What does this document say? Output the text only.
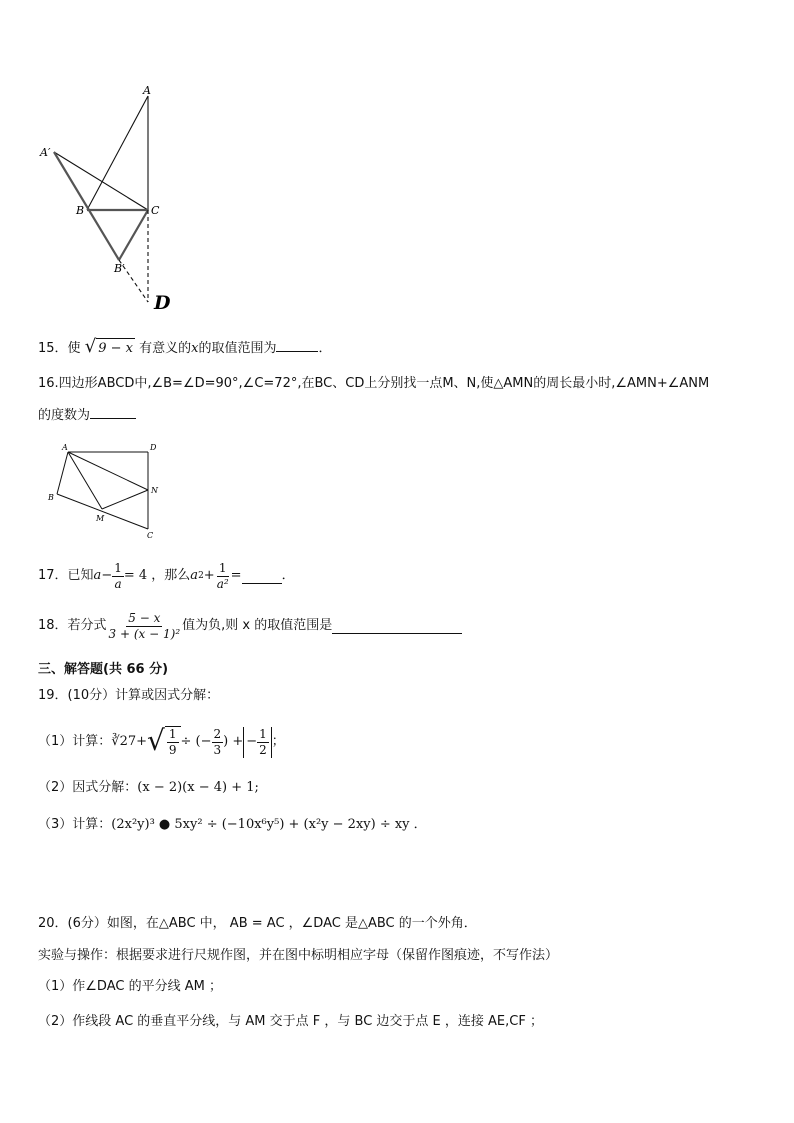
A
A′
B	C
B′
D
15．使 √ 9 − x 有意义的x的取值范围为	．
16.四边形ABCD中,∠B=∠D=90°,∠C=72°,在BC、CD上分别找一点M、N,使△AMN的周长最小时,∠AMN+∠ANM
的度数为
A	D
B
N
M
C
17．已知 $a - \frac{1}{a} = 4$ ，那么 a $2 + \frac{1}{\text{a²}}$ =	．
18．若分式 $\frac{5 - x}{\text{3 + (x − 1)²}}$ 值为负,则 x 的取值范围是
三、解答题(共 66 分)
19．(10分）计算或因式分解：
（1）计算： ∛27 + √ $\frac{1}{9}$ ÷ (− $\frac{2}{3}$ ) + − $\frac{1}{2}$ ；
（2）因式分解：(x − 2)(x − 4) + 1;
（3）计算：(2x²y)³ ● 5xy² ÷ (−10x⁶y⁵) + (x²y − 2xy) ÷ xy ．
20．(6分）如图，在△ABC 中， AB = AC ，∠DAC 是△ABC 的一个外角．
实验与操作：根据要求进行尺规作图，并在图中标明相应字母（保留作图痕迹，不写作法）
（1）作∠DAC 的平分线 AM ；
（2）作线段 AC 的垂直平分线，与 AM 交于点 F ，与 BC 边交于点 E ，连接 AE,CF ；
